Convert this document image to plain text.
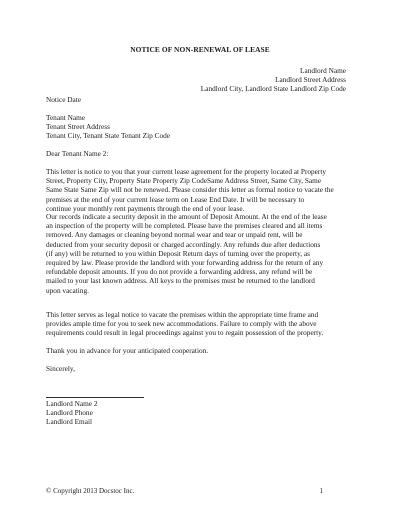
NOTICE OF NON-RENEWAL OF LEASE
Landlord Name
Landlord Street Address
Landlord City, Landlord State Landlord Zip Code
Notice Date
Tenant Name
Tenant Street Address
Tenant City, Tenant State Tenant Zip Code
Dear Tenant Name 2:
This letter is notice to you that your current lease agreement for the property located at Property
Street, Property City, Property State Property Zip CodeSame Address Street, Same City, Same
Same State Same Zip will not be renewed. Please consider this letter as formal notice to vacate the
premises at the end of your current lease term on Lease End Date. It will be necessary to
continue your monthly rent payments through the end of your lease.
Our records indicate a security deposit in the amount of Deposit Amount. At the end of the lease
an inspection of the property will be completed. Please have the premises cleared and all items
removed. Any damages or cleaning beyond normal wear and tear or unpaid rent, will be
deducted from your security deposit or charged accordingly. Any refunds due after deductions
(if any) will be returned to you within Deposit Return days of turning over the property, as
required by law. Please provide the landlord with your forwarding address for the return of any
refundable deposit amounts. If you do not provide a forwarding address, any refund will be
mailed to your last known address. All keys to the premises must be returned to the landlord
upon vacating.
This letter serves as legal notice to vacate the premises within the appropriate time frame and
provides ample time for you to seek new accommodations. Failure to comply with the above
requirements could result in legal proceedings against you to regain possession of the property.
Thank you in advance for your anticipated cooperation.
Sincerely,
Landlord Name 2
Landlord Phone
Landlord Email
© Copyright 2013 Docstoc Inc.	1
